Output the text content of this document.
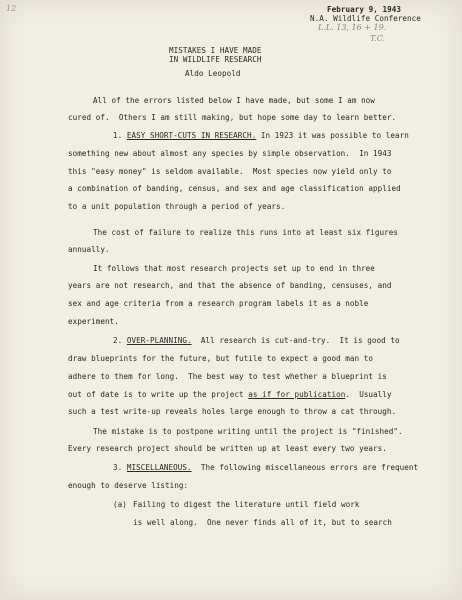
12	February 9, 1943
N.A. Wildlife Conference
L.L. 13, 16 + 19.
T.C.
MISTAKES I HAVE MADE
IN WILDLIFE RESEARCH
Aldo Leopold
All of the errors listed below I have made, but some I am now
cured of.  Others I am still making, but hope some day to learn better.
1. EASY SHORT-CUTS IN RESEARCH. In 1923 it was possible to learn
something new about almost any species by simple observation.  In 1943
this "easy money" is seldom available.  Most species now yield only to
a combination of banding, census, and sex and age classification applied
to a unit population through a period of years.
The cost of failure to realize this runs into at least six figures
annually.
It follows that most research projects set up to end in three
years are not research, and that the absence of banding, censuses, and
sex and age criteria from a research program labels it as a noble
experiment.
2. OVER-PLANNING.  All research is cut-and-try.  It is good to
draw blueprints for the future, but futile to expect a good man to
adhere to them for long.  The best way to test whether a blueprint is
out of date is to write up the project as if for publication.  Usually
such a test write-up reveals holes large enough to throw a cat through.
The mistake is to postpone writing until the project is "finished".
Every research project should be written up at least every two years.
3. MISCELLANEOUS.  The following miscellaneous errors are frequent
enough to deserve listing:
(a) Failing to digest the literature until field work
is well along.  One never finds all of it, but to search
